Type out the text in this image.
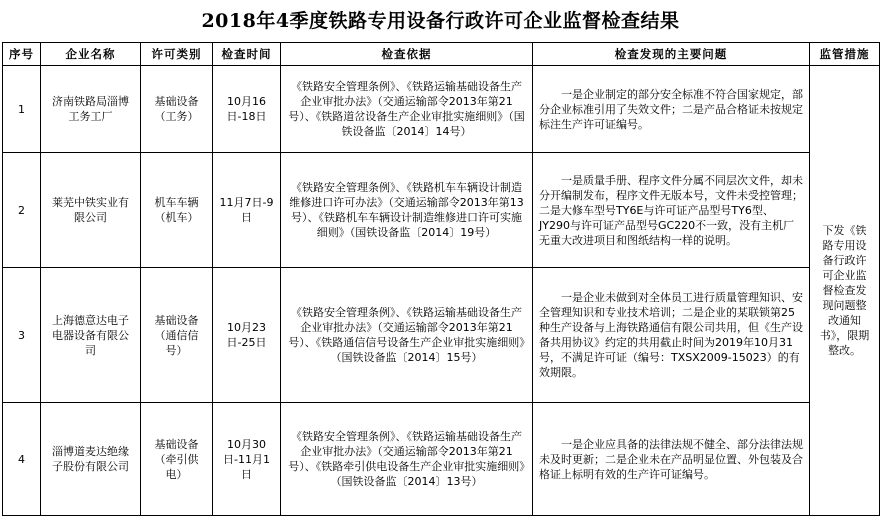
2018年4季度铁路专用设备行政许可企业监督检查结果
序号	企业名称	许可类别	检查时间	检查依据	检查发现的主要问题	监管措施
1	济南铁路局淄博工务工厂	基础设备（工务）	10月16日-18日	《铁路安全管理条例》、《铁路运输基础设备生产企业审批办法》（交通运输部令2013年第21号）、《铁路道岔设备生产企业审批实施细则》（国铁设备监〔2014〕14号）	一是企业制定的部分安全标准不符合国家规定，部分企业标准引用了失效文件；二是产品合格证未按规定标注生产许可证编号。	下发《铁路专用设备行政许可企业监督检查发现问题整改通知书》，限期整改。
2	莱芜中铁实业有限公司	机车车辆（机车）	11月7日-9日	《铁路安全管理条例》、《铁路机车车辆设计制造维修进口许可办法》（交通运输部令2013年第13号）、《铁路机车车辆设计制造维修进口许可实施细则》（国铁设备监〔2014〕19号）	一是质量手册、程序文件分属不同层次文件，却未分开编制发布，程序文件无版本号，文件未受控管理；二是大修车型号TY6E与许可证产品型号TY6型、JY290与许可证产品型号GC220不一致，没有主机厂无重大改进项目和图纸结构一样的说明。	
3	上海德意达电子电器设备有限公司	基础设备（通信信号）	10月23日-25日	《铁路安全管理条例》、《铁路运输基础设备生产企业审批办法》（交通运输部令2013年第21号）、《铁路通信信号设备生产企业审批实施细则》（国铁设备监〔2014〕15号）	一是企业未做到对全体员工进行质量管理知识、安全管理知识和专业技术培训；二是企业的某联锁第25种生产设备与上海铁路通信有限公司共用，但《生产设备共用协议》约定的共用截止时间为2019年10月31号，不满足许可证（编号：TXSX2009-15023）的有效期限。	
4	淄博道麦达绝缘子股份有限公司	基础设备（牵引供电）	10月30日-11月1日	《铁路安全管理条例》、《铁路运输基础设备生产企业审批办法》（交通运输部令2013年第21号）、《铁路牵引供电设备生产企业审批实施细则》（国铁设备监〔2014〕13号）	一是企业应具备的法律法规不健全、部分法律法规未及时更新；二是企业未在产品明显位置、外包装及合格证上标明有效的生产许可证编号。	
